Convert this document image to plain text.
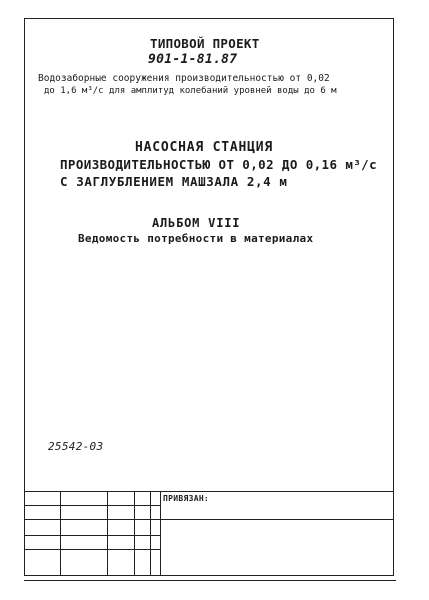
ТИПОВОЙ ПРОЕКТ
901-1-81.87
Водозаборные сооружения производительностью от 0,02
до 1,6 м³/с для амплитуд колебаний уровней воды до 6 м
НАСОСНАЯ СТАНЦИЯ
ПРОИЗВОДИТЕЛЬНОСТЬЮ ОТ 0,02 ДО 0,16 м³/с
С ЗАГЛУБЛЕНИЕМ МАШЗАЛА 2,4 м
АЛЬБОМ VIII
Ведомость потребности в материалах
25542-03
ПРИВЯЗАН:
